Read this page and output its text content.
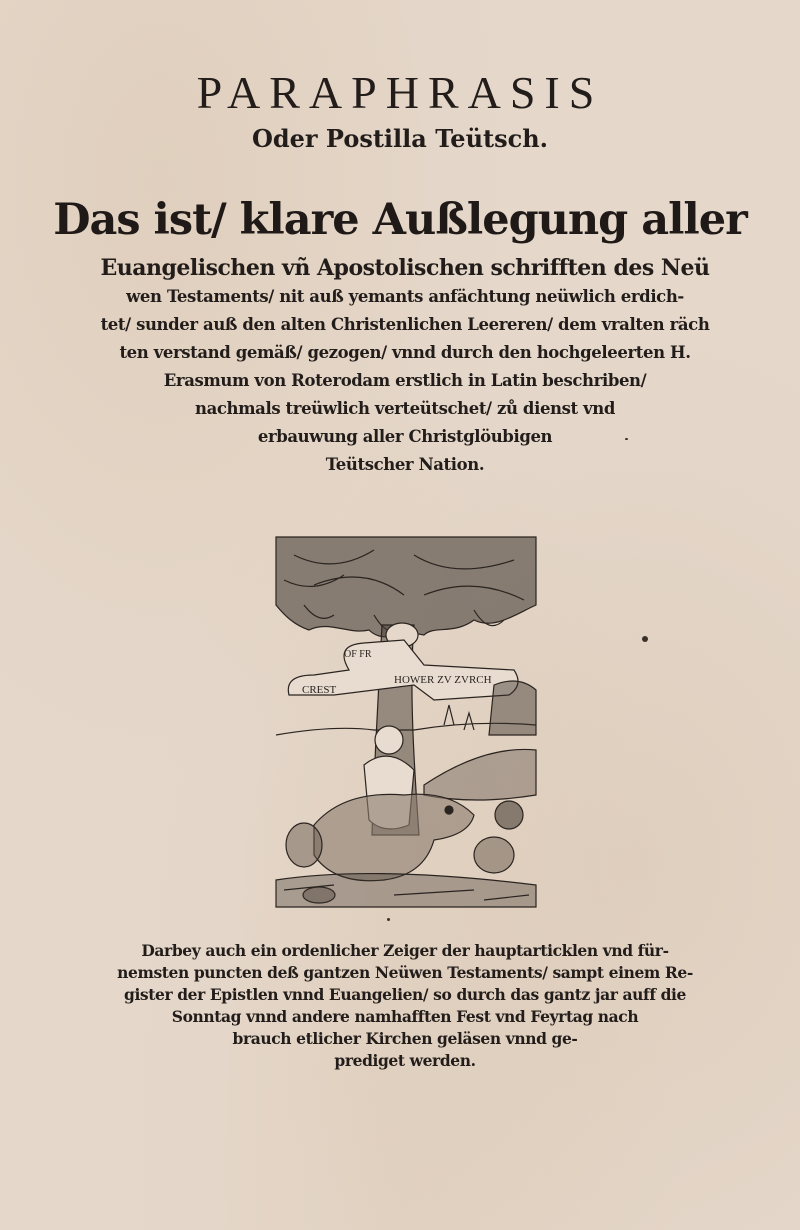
PARAPHRASIS
Oder Postilla Teütsch.
Das ist/ klare Außlegung aller
Euangelischen vñ Apostolischen schrifften des Neü
wen Testaments/ nit auß yemants anfächtung neüwlich erdich-
tet/ sunder auß den alten Christenlichen Leereren/ dem vralten räch
ten verstand gemäß/ gezogen/ vnnd durch den hochgeleerten H.
Erasmum von Roterodam erstlich in Latin beschriben/
nachmals treüwlich verteütschet/ zů dienst vnd
erbauwung aller Christglöubigen
Teütscher Nation.
CREST
OF FR
HOWER ZV ZVRCH
Darbey auch ein ordenlicher Zeiger der hauptarticklen vnd für-
nemsten puncten deß gantzen Neüwen Testaments/ sampt einem Re-
gister der Epistlen vnnd Euangelien/ so durch das gantz jar auff die
Sonntag vnnd andere namhafften Fest vnd Feyrtag nach
brauch etlicher Kirchen geläsen vnnd ge-
prediget werden.
